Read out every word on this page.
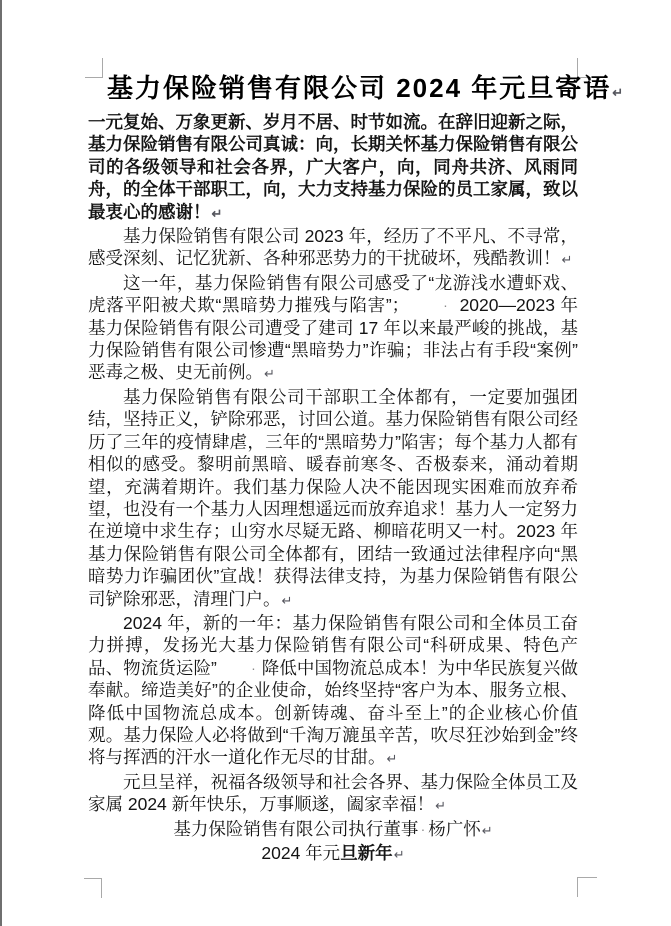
基力保险销售有限公司 2024 年元旦寄语↵

一元复始、万象更新、岁月不居、时节如流。在辞旧迎新之际，基力保险销售有限公司真诚：向，长期关怀基力保险销售有限公司的各级领导和社会各界，广大客户，向，同舟共济、风雨同舟，的全体干部职工，向，大力支持基力保险的员工家属，致以最衷心的感谢！↵

基力保险销售有限公司 2023 年，经历了不平凡、不寻常，感受深刻、记忆犹新、各种邪恶势力的干扰破坏，残酷教训！↵

这一年，基力保险销售有限公司感受了“龙游浅水遭虾戏、虎落平阳被犬欺“黑暗势力摧残与陷害”； · 2020—2023 年基力保险销售有限公司遭受了建司 17 年以来最严峻的挑战，基力保险销售有限公司惨遭“黑暗势力”诈骗；非法占有手段“案例” 恶毒之极、史无前例。↵

基力保险销售有限公司干部职工全体都有，一定要加强团结，坚持正义，铲除邪恶，讨回公道。基力保险销售有限公司经历了三年的疫情肆虐，三年的“黑暗势力”陷害；每个基力人都有相似的感受。黎明前黑暗、暖春前寒冬、否极泰来，涌动着期望，充满着期许。我们基力保险人决不能因现实困难而放弃希望，也没有一个基力人因理想遥远而放弃追求！基力人一定努力在逆境中求生存；山穷水尽疑无路、柳暗花明又一村。2023 年基力保险销售有限公司全体都有，团结一致通过法律程序向“黑暗势力诈骗团伙”宣战！获得法律支持，为基力保险销售有限公司铲除邪恶，清理门户。↵

2024 年，新的一年：基力保险销售有限公司和全体员工奋力拼搏，发扬光大基力保险销售有限公司“科研成果、特色产品、物流货运险” · 降低中国物流总成本！为中华民族复兴做奉献。缔造美好”的企业使命，始终坚持“客户为本、服务立根、降低中国物流总成本。创新铸魂、奋斗至上”的企业核心价值观。基力保险人必将做到“千淘万漉虽辛苦，吹尽狂沙始到金”终将与挥洒的汗水一道化作无尽的甘甜。↵

元旦呈祥，祝福各级领导和社会各界、基力保险全体员工及家属 2024 新年快乐，万事顺遂，阖家幸福！↵

基力保险销售有限公司执行董事 · 杨广怀↵

2024 年元旦新年↵
